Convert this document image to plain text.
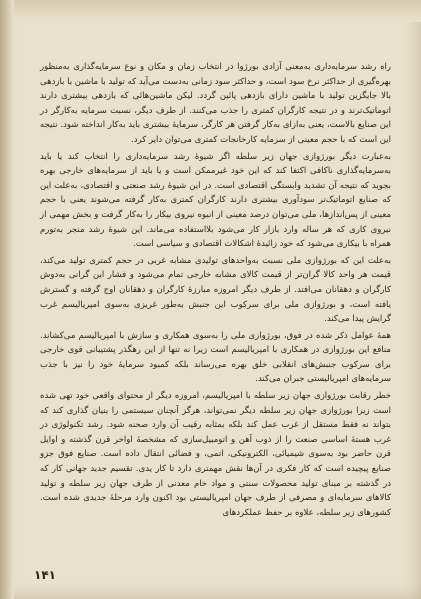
راه رشد سرمایه‌داری به‌معنی آزادی بورژوا در انتخاب زمان و مکان و نوع سرمایه‌گذاری به‌منظور بهره‌گیری از حداکثر نرخ سود است، و حداکثر سود زمانی به‌دست می‌آید که تولید با ماشین با بازدهی بالا جایگزین تولید با ماشین دارای بازدهی پائین گردد. لیکن ماشین‌هائی که بازدهی بیشتری دارند اتوماتیک‌ترند و در نتیجه کارگران کمتری را جذب می‌کنند. از طرف دیگر، نسبت سرمایه به‌کارگر در این صنایع بالاست، یعنی به‌ازای به‌کار گرفتن هر کارگر، سرمایهٔ بیشتری باید به‌کار انداخته شود. نتیجه این است که با حجم معینی از سرمایه کارخانجات کمتری می‌توان دایر کرد.

به‌عبارت دیگر بورژوازی جهان زیر سلطه اگر شیوهٔ رشد سرمایه‌داری را انتخاب کند یا باید به‌سرمایه‌گذاری ناکافی اکتفا کند که این خود غیرممکن است و یا باید از سرمایه‌های خارجی بهره بجوید که نتیجه آن تشدید وابستگی اقتصادی است. در این شیوهٔ رشد صنعتی و اقتصادی، به‌علت این که صنایع اتوماتیک‌تر سودآوری بیشتری دارند کارگران کمتری به‌کار گرفته می‌شوند یعنی با حجم معینی از پس‌اندازها، ملی می‌توان درصد معینی از انبوه نیروی بیکار را به‌کار گرفت و بخش مهمی از نیروی کاری که هر ساله وارد بازار کار می‌شود بلااستفاده می‌ماند. این شیوهٔ رشد منجر به‌تورم همراه با بیکاری می‌شود که خود زائیدهٔ اشکالات اقتصادی و سیاسی است.

به‌علت این که بورژوازی ملی نسبت به‌واحدهای تولیدی مشابه غربی در حجم کمتری تولید می‌کند، قیمت هر واحد کالا گران‌تر از قیمت کالای مشابه خارجی تمام می‌شود و فشار این گرانی به‌دوش کارگران و دهقانان می‌افتد. از طرف دیگر امروزه مبارزهٔ کارگران و دهقانان اوج گرفته و گسترش یافته است، و بورژوازی ملی برای سرکوب این جنبش به‌طور غریزی به‌سوی امپریالیسم غرب گرایش پیدا می‌کند.

همهٔ عوامل ذکر شده در فوق، بورژوازی ملی را به‌سوی همکاری و سازش با امپریالیسم می‌کشاند. منافع این بورژوازی در همکاری با امپریالیسم است زیرا نه تنها از این رهگذر پشتیبانی قوی خارجی برای سرکوب جنبش‌های انقلابی خلق بهره می‌رساند بلکه کمبود سرمایهٔ خود را نیز با جذب سرمایه‌های امپریالیستی جبران می‌کند.

خطر رقابت بورژوازی جهان زیر سلطه با امپریالیسم، امروزه دیگر از محتوای واقعی خود تهی شده است زیرا بورژوازی جهان زیر سلطه دیگر نمی‌تواند، هرگز آنچنان سیستمی را بنیان گذاری کند که بتواند نه فقط مستقل از غرب عمل کند بلکه بمثابه رقیب آن وارد صحنه شود. رشد تکنولوژی در غرب هستهٔ اساسی صنعت را از ذوب آهن و اتومبیل‌سازی که مشخصهٔ اواخر قرن گذشته و اوایل قرن حاضر بود به‌سوی شیمیائی، الکترونیکی، اتمی، و فضائی انتقال داده است. صنایع فوق جزو صنایع پیچیده است که کار فکری در آن‌ها نقش مهمتری دارد تا کار یدی. تقسیم جدید جهانی کار که در گذشته بر مبنای تولید محصولات سنتی و مواد خام معدنی از طرف جهان زیر سلطه و تولید کالاهای سرمایه‌ای و مصرفی از طرف جهان امپریالیستی بود اکنون وارد مرحلهٔ جدیدی شده است. کشورهای زیر سلطه، علاوه بر حفظ عملکردهای

۱۴۱
